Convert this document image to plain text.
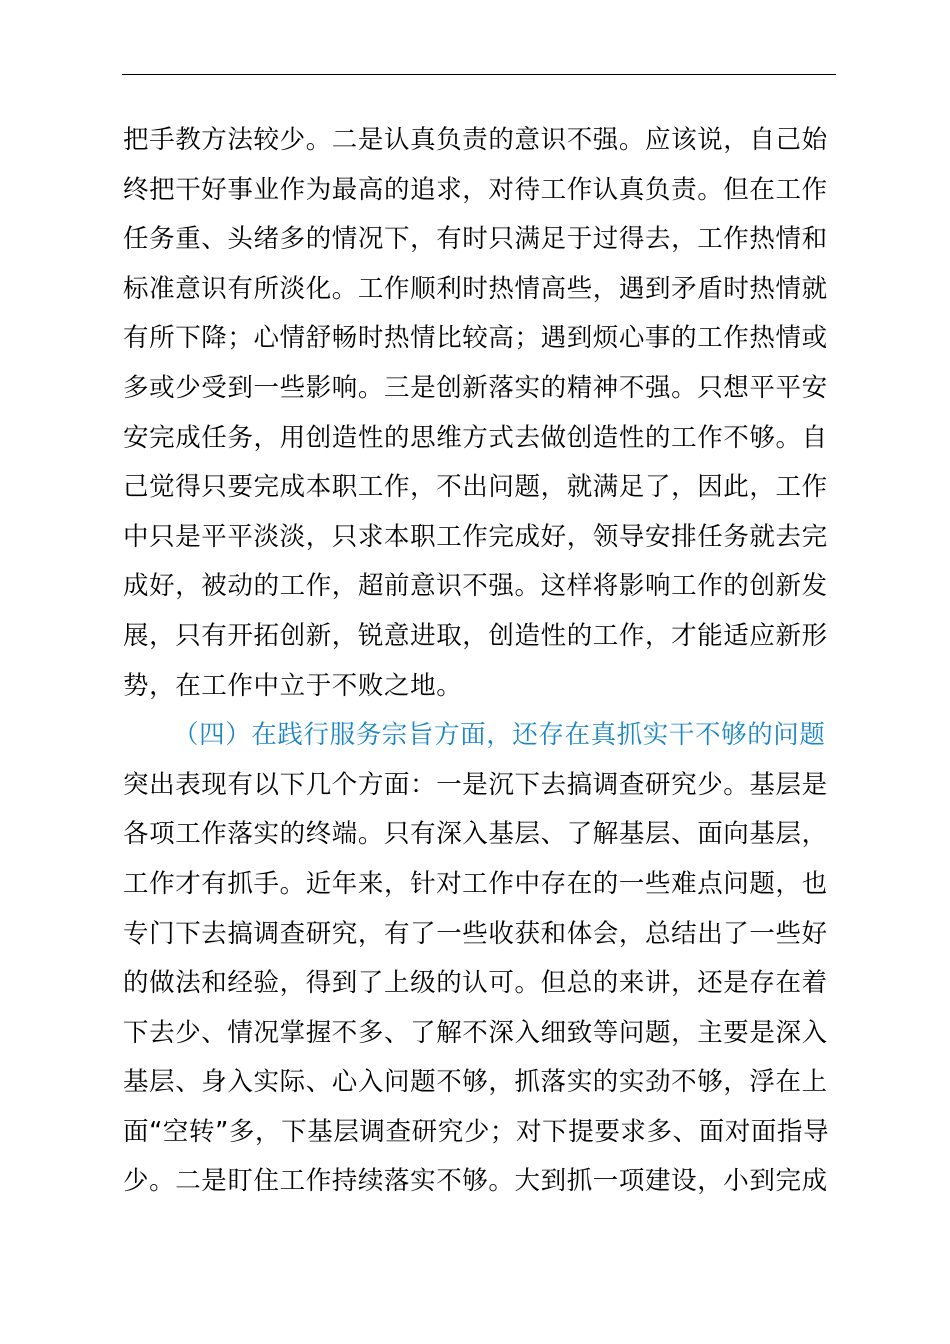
把手教方法较少。二是认真负责的意识不强。应该说，自己始
终把干好事业作为最高的追求，对待工作认真负责。但在工作
任务重、头绪多的情况下，有时只满足于过得去，工作热情和
标准意识有所淡化。工作顺利时热情高些，遇到矛盾时热情就
有所下降；心情舒畅时热情比较高；遇到烦心事的工作热情或
多或少受到一些影响。三是创新落实的精神不强。只想平平安
安完成任务，用创造性的思维方式去做创造性的工作不够。自
己觉得只要完成本职工作，不出问题，就满足了，因此，工作
中只是平平淡淡，只求本职工作完成好，领导安排任务就去完
成好，被动的工作，超前意识不强。这样将影响工作的创新发
展，只有开拓创新，锐意进取，创造性的工作，才能适应新形
势，在工作中立于不败之地。
（四）在践行服务宗旨方面，还存在真抓实干不够的问题
突出表现有以下几个方面：一是沉下去搞调查研究少。基层是
各项工作落实的终端。只有深入基层、了解基层、面向基层，
工作才有抓手。近年来，针对工作中存在的一些难点问题，也
专门下去搞调查研究，有了一些收获和体会，总结出了一些好
的做法和经验，得到了上级的认可。但总的来讲，还是存在着
下去少、情况掌握不多、了解不深入细致等问题，主要是深入
基层、身入实际、心入问题不够，抓落实的实劲不够，浮在上
面“空转”多，下基层调查研究少；对下提要求多、面对面指导
少。二是盯住工作持续落实不够。大到抓一项建设，小到完成
